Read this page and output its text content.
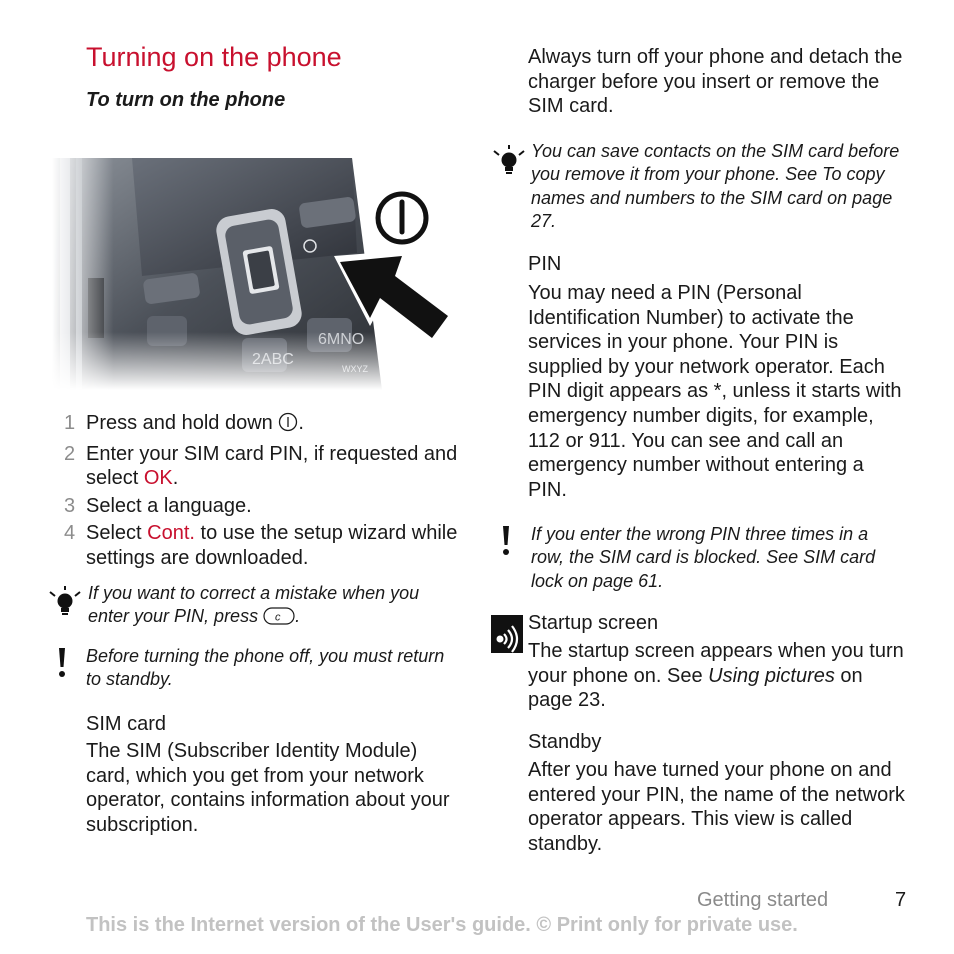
Turning on the phone
To turn on the phone
1 Press and hold down .
2 Enter your SIM card PIN, if requested and select OK.
3 Select a language.
4 Select Cont. to use the setup wizard while settings are downloaded.
If you want to correct a mistake when you enter your PIN, press c .
Before turning the phone off, you must return to standby.
SIM card
The SIM (Subscriber Identity Module) card, which you get from your network operator, contains information about your subscription.
Always turn off your phone and detach the charger before you insert or remove the SIM card.
You can save contacts on the SIM card before you remove it from your phone. See To copy names and numbers to the SIM card on page 27.
PIN
You may need a PIN (Personal Identification Number) to activate the services in your phone. Your PIN is supplied by your network operator. Each PIN digit appears as *, unless it starts with emergency number digits, for example, 112 or 911. You can see and call an emergency number without entering a PIN.
If you enter the wrong PIN three times in a row, the SIM card is blocked. See SIM card lock on page 61.
Startup screen
The startup screen appears when you turn your phone on. See Using pictures on page 23.
Standby
After you have turned your phone on and entered your PIN, the name of the network operator appears. This view is called standby.
Getting started	7
This is the Internet version of the User's guide. © Print only for private use.
